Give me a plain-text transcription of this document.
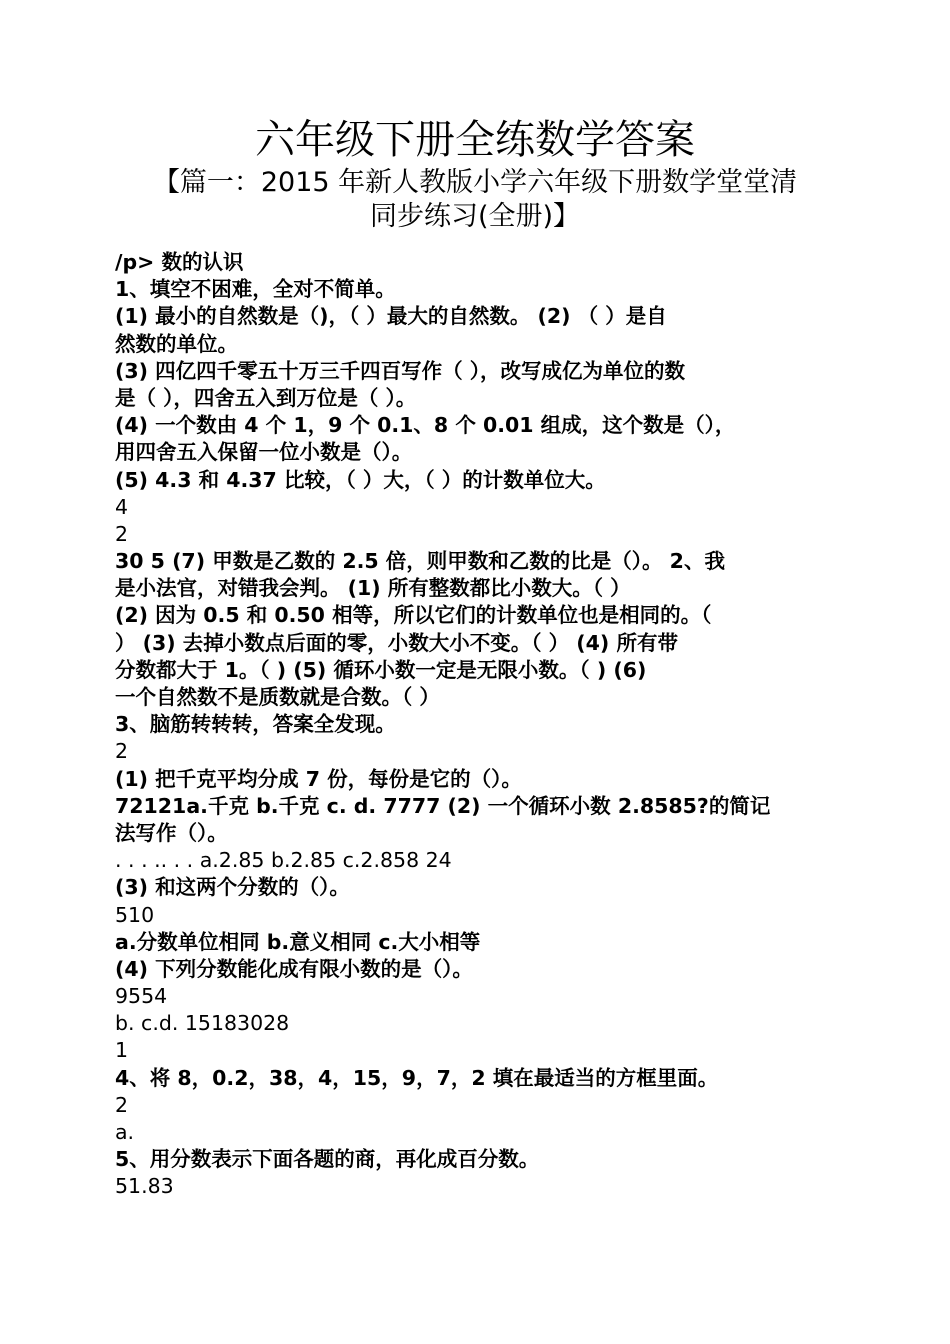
六年级下册全练数学答案
【篇一：2015 年新人教版小学六年级下册数学堂堂清
同步练习(全册)】
/p> 数的认识
1、填空不困难，全对不简单。
(1) 最小的自然数是（)，（ ）最大的自然数。 (2) （ ）是自
然数的单位。
(3) 四亿四千零五十万三千四百写作（ ），改写成亿为单位的数
是（ ），四舍五入到万位是（ ）。
(4) 一个数由 4 个 1，9 个 0.1、8 个 0.01 组成，这个数是（），
用四舍五入保留一位小数是（）。
(5) 4.3 和 4.37 比较，（ ）大，（ ）的计数单位大。
4
2
30 5 (7) 甲数是乙数的 2.5 倍，则甲数和乙数的比是（）。 2、我
是小法官，对错我会判。 (1) 所有整数都比小数大。（ ）
(2) 因为 0.5 和 0.50 相等，所以它们的计数单位也是相同的。（
） (3) 去掉小数点后面的零，小数大小不变。（ ） (4) 所有带
分数都大于 1。（ ) (5) 循环小数一定是无限小数。（ ) (6)
一个自然数不是质数就是合数。（ ）
3、脑筋转转转，答案全发现。
2
(1) 把千克平均分成 7 份，每份是它的（）。
72121a.千克 b.千克 c. d. 7777 (2) 一个循环小数 2.8585?的简记
法写作（）。
. . . .. . . a.2.85 b.2.85 c.2.858 24
(3) 和这两个分数的（）。
510
a.分数单位相同 b.意义相同 c.大小相等
(4) 下列分数能化成有限小数的是（）。
9554
b. c.d. 15183028
1
4、将 8，0.2，38，4，15，9，7，2 填在最适当的方框里面。
2
a.
5、用分数表示下面各题的商，再化成百分数。
51.83
